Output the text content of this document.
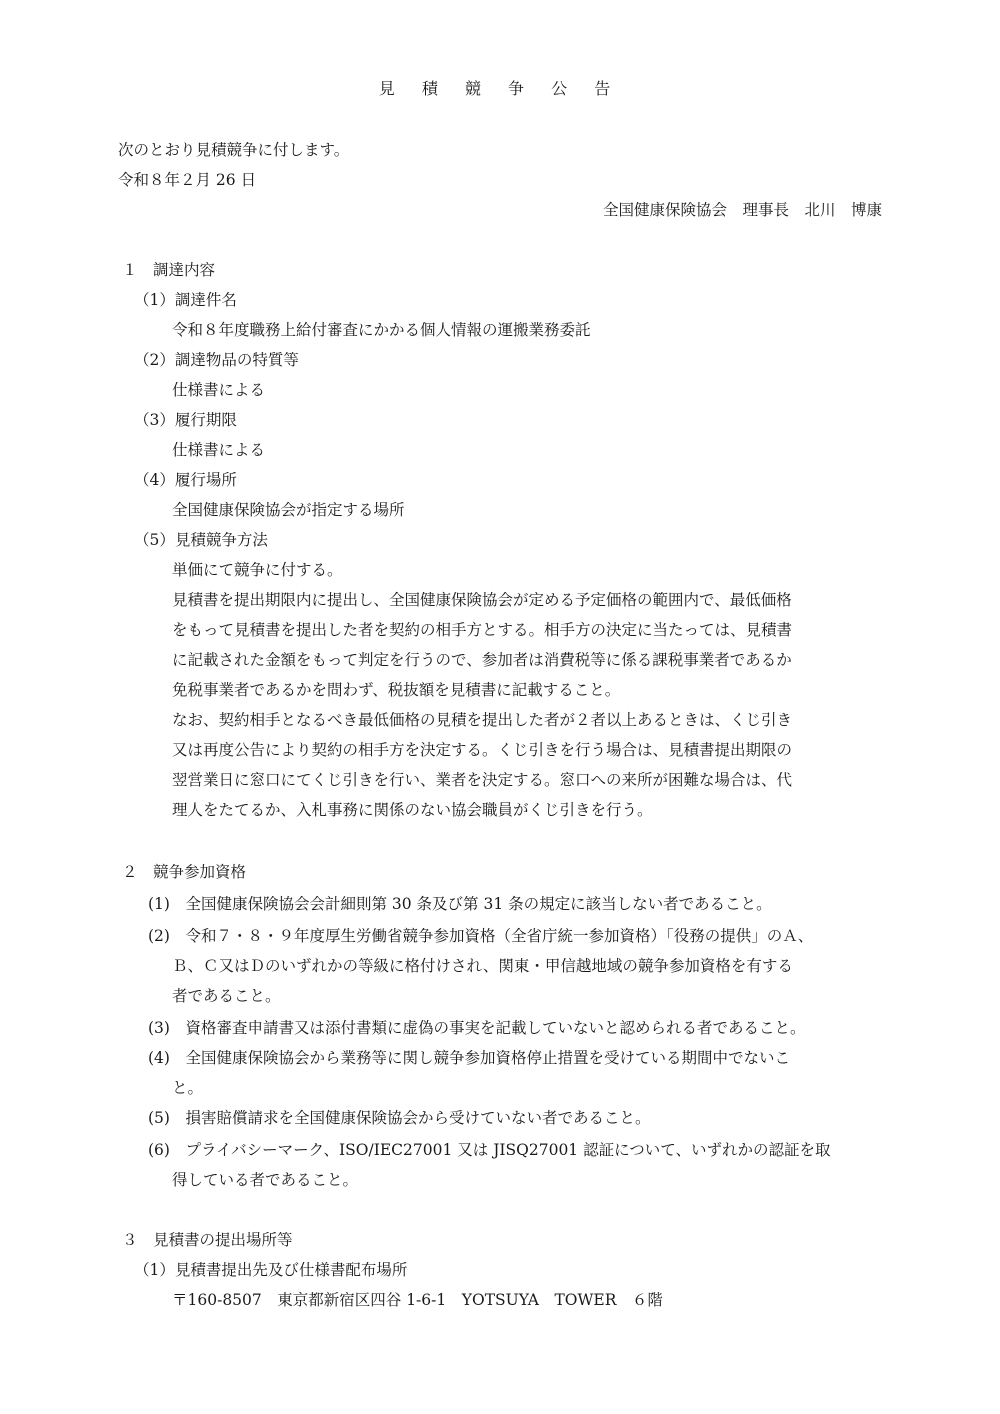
見 積 競 争 公 告
次のとおり見積競争に付します。
令和８年２月 26 日
全国健康保険協会　理事長　北川　博康
１　調達内容
（1）調達件名
令和８年度職務上給付審査にかかる個人情報の運搬業務委託
（2）調達物品の特質等
仕様書による
（3）履行期限
仕様書による
（4）履行場所
全国健康保険協会が指定する場所
（5）見積競争方法
単価にて競争に付する。
見積書を提出期限内に提出し、全国健康保険協会が定める予定価格の範囲内で、最低価格
をもって見積書を提出した者を契約の相手方とする。相手方の決定に当たっては、見積書
に記載された金額をもって判定を行うので、参加者は消費税等に係る課税事業者であるか
免税事業者であるかを問わず、税抜額を見積書に記載すること。
なお、契約相手となるべき最低価格の見積を提出した者が２者以上あるときは、くじ引き
又は再度公告により契約の相手方を決定する。くじ引きを行う場合は、見積書提出期限の
翌営業日に窓口にてくじ引きを行い、業者を決定する。窓口への来所が困難な場合は、代
理人をたてるか、入札事務に関係のない協会職員がくじ引きを行う。
２　競争参加資格
(1)　全国健康保険協会会計細則第 30 条及び第 31 条の規定に該当しない者であること。
(2)　令和７・８・９年度厚生労働省競争参加資格（全省庁統一参加資格）「役務の提供」のＡ、
Ｂ、Ｃ又はＤのいずれかの等級に格付けされ、関東・甲信越地域の競争参加資格を有する
者であること。
(3)　資格審査申請書又は添付書類に虚偽の事実を記載していないと認められる者であること。
(4)　全国健康保険協会から業務等に関し競争参加資格停止措置を受けている期間中でないこ
と。
(5)　損害賠償請求を全国健康保険協会から受けていない者であること。
(6)　プライバシーマーク、ISO/IEC27001 又は JISQ27001 認証について、いずれかの認証を取
得している者であること。
３　見積書の提出場所等
（1）見積書提出先及び仕様書配布場所
〒160-8507　東京都新宿区四谷 1-6-1　YOTSUYA　TOWER　６階
